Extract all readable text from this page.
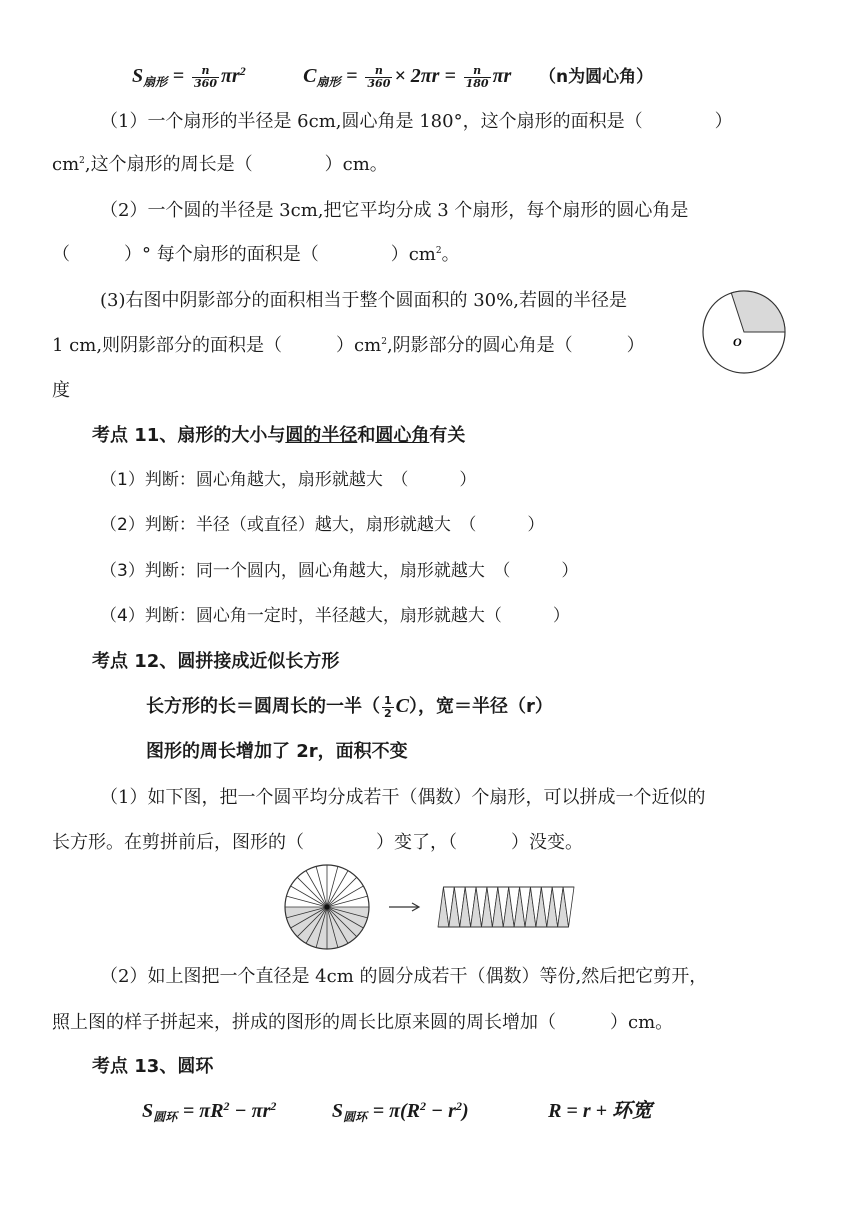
$S_{扇形} = \frac{n}{360} \pi r^2$	$C_{扇形} = \frac{n}{360} \times 2\pi r = \frac{n}{180}$ πr （n为圆心角）
（1）一个扇形的半径是 6cm,圆心角是 180°，这个扇形的面积是（　　　　）
$cm^2$,这个扇形的周长是（　　　　）cm。
（2）一个圆的半径是 3cm,把它平均分成 3 个扇形，每个扇形的圆心角是
（　　　）° 每个扇形的面积是（　　　　）$cm^2$。
(3)右图中阴影部分的面积相当于整个圆面积的 30%,若圆的半径是
1 cm,则阴影部分的面积是（　　　）$cm^2$,阴影部分的圆心角是（　　　）
度
O
考点 11、扇形的大小与圆的半径和圆心角有关
（1）判断：圆心角越大，扇形就越大　（　　　）
（2）判断：半径（或直径）越大，扇形就越大　（　　　）
（3）判断：同一个圆内，圆心角越大，扇形就越大　（　　　）
（4）判断：圆心角一定时，半径越大，扇形就越大（　　　）
考点 12、圆拼接成近似长方形
长方形的长＝圆周长的一半（ $\frac{1}{2} C$），宽＝半径（r）
图形的周长增加了 2r，面积不变
（1）如下图，把一个圆平均分成若干（偶数）个扇形，可以拼成一个近似的
长方形。在剪拼前后，图形的（　　　　）变了，（　　　）没变。
（2）如上图把一个直径是 4cm 的圆分成若干（偶数）等份,然后把它剪开，
照上图的样子拼起来，拼成的图形的周长比原来圆的周长增加（　　　）cm。
考点 13、圆环
$S_{圆环} = \pi R^2 - \pi r^2$	$S_{圆环} = \pi(R^2 - r^2)$	R = r + 环宽
